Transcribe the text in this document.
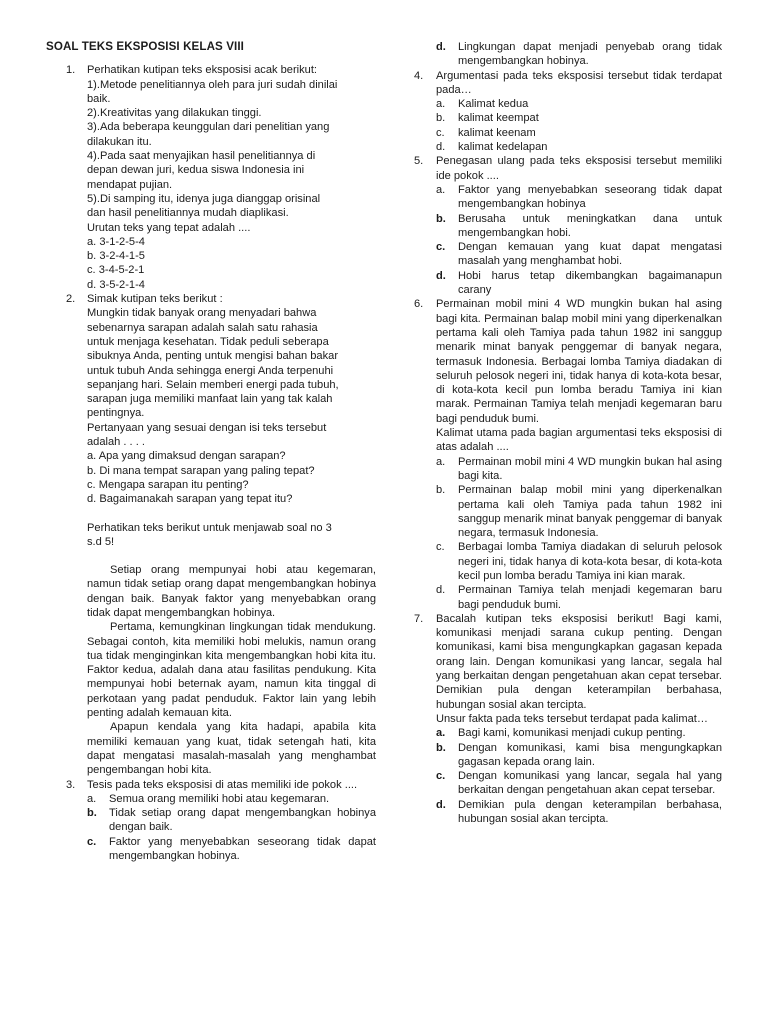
SOAL TEKS EKSPOSISI KELAS VIII
1. Perhatikan kutipan teks eksposisi acak berikut:
1).Metode penelitiannya oleh para juri sudah dinilai
baik.
2).Kreativitas yang dilakukan tinggi.
3).Ada beberapa keunggulan dari penelitian yang
dilakukan itu.
4).Pada saat menyajikan hasil penelitiannya di
depan dewan juri, kedua siswa Indonesia ini
mendapat pujian.
5).Di samping itu, idenya juga dianggap orisinal
dan hasil penelitiannya mudah diaplikasi.
Urutan teks yang tepat adalah ....
a. 3-1-2-5-4
b. 3-2-4-1-5
c. 3-4-5-2-1
d. 3-5-2-1-4
2. Simak kutipan teks berikut :
Mungkin tidak banyak orang menyadari bahwa
sebenarnya sarapan adalah salah satu rahasia
untuk menjaga kesehatan. Tidak peduli seberapa
sibuknya Anda, penting untuk mengisi bahan bakar
untuk tubuh Anda sehingga energi Anda terpenuhi
sepanjang hari. Selain memberi energi pada tubuh,
sarapan juga memiliki manfaat lain yang tak kalah
pentingnya.
Pertanyaan yang sesuai dengan isi teks tersebut
adalah . . . .
a. Apa yang dimaksud dengan sarapan?
b. Di mana tempat sarapan yang paling tepat?
c. Mengapa sarapan itu penting?
d. Bagaimanakah sarapan yang tepat itu?
Perhatikan teks berikut untuk menjawab soal no 3
s.d 5!
Setiap orang mempunyai hobi atau kegemaran, namun tidak setiap orang dapat mengembangkan hobinya dengan baik. Banyak faktor yang menyebabkan orang tidak dapat mengembangkan hobinya.
Pertama, kemungkinan lingkungan tidak mendukung. Sebagai contoh, kita memiliki hobi melukis, namun orang tua tidak menginginkan kita mengembangkan hobi kita itu. Faktor kedua, adalah dana atau fasilitas pendukung. Kita mempunyai hobi beternak ayam, namun kita tinggal di perkotaan yang padat penduduk. Faktor lain yang lebih penting adalah kemauan kita.
Apapun kendala yang kita hadapi, apabila kita memiliki kemauan yang kuat, tidak setengah hati, kita dapat mengatasi masalah-masalah yang menghambat pengembangan hobi kita.
3. Tesis pada teks eksposisi di atas memiliki ide pokok ....
a. Semua orang memiliki hobi atau kegemaran.
b. Tidak setiap orang dapat mengembangkan hobinya dengan baik.
c. Faktor yang menyebabkan seseorang tidak dapat mengembangkan hobinya.
d. Lingkungan dapat menjadi penyebab orang tidak mengembangkan hobinya.
4. Argumentasi pada teks eksposisi tersebut tidak terdapat pada…
a. Kalimat kedua
b. kalimat keempat
c. kalimat keenam
d. kalimat kedelapan
5. Penegasan ulang pada teks eksposisi tersebut memiliki ide pokok ....
a. Faktor yang menyebabkan seseorang tidak dapat mengembangkan hobinya
b. Berusaha untuk meningkatkan dana untuk mengembangkan hobi.
c. Dengan kemauan yang kuat dapat mengatasi masalah yang menghambat hobi.
d. Hobi harus tetap dikembangkan bagaimanapun carany
6. Permainan mobil mini 4 WD mungkin bukan hal asing bagi kita. Permainan balap mobil mini yang diperkenalkan pertama kali oleh Tamiya pada tahun 1982 ini sanggup menarik minat banyak penggemar di banyak negara, termasuk Indonesia. Berbagai lomba Tamiya diadakan di seluruh pelosok negeri ini, tidak hanya di kota-kota besar, di kota-kota kecil pun lomba beradu Tamiya ini kian marak. Permainan Tamiya telah menjadi kegemaran baru bagi penduduk bumi.
Kalimat utama pada bagian argumentasi teks eksposisi di atas adalah ....
a. Permainan mobil mini 4 WD mungkin bukan hal asing bagi kita.
b. Permainan balap mobil mini yang diperkenalkan pertama kali oleh Tamiya pada tahun 1982 ini sanggup menarik minat banyak penggemar di banyak negara, termasuk Indonesia.
c. Berbagai lomba Tamiya diadakan di seluruh pelosok negeri ini, tidak hanya di kota-kota besar, di kota-kota kecil pun lomba beradu Tamiya ini kian marak.
d. Permainan Tamiya telah menjadi kegemaran baru bagi penduduk bumi.
7. Bacalah kutipan teks eksposisi berikut! Bagi kami, komunikasi menjadi sarana cukup penting. Dengan komunikasi, kami bisa mengungkapkan gagasan kepada orang lain. Dengan komunikasi yang lancar, segala hal yang berkaitan dengan pengetahuan akan cepat tersebar. Demikian pula dengan keterampilan berbahasa, hubungan sosial akan tercipta.
Unsur fakta pada teks tersebut terdapat pada kalimat…
a. Bagi kami, komunikasi menjadi cukup penting.
b. Dengan komunikasi, kami bisa mengungkapkan gagasan kepada orang lain.
c. Dengan komunikasi yang lancar, segala hal yang berkaitan dengan pengetahuan akan cepat tersebar.
d. Demikian pula dengan keterampilan berbahasa, hubungan sosial akan tercipta.
